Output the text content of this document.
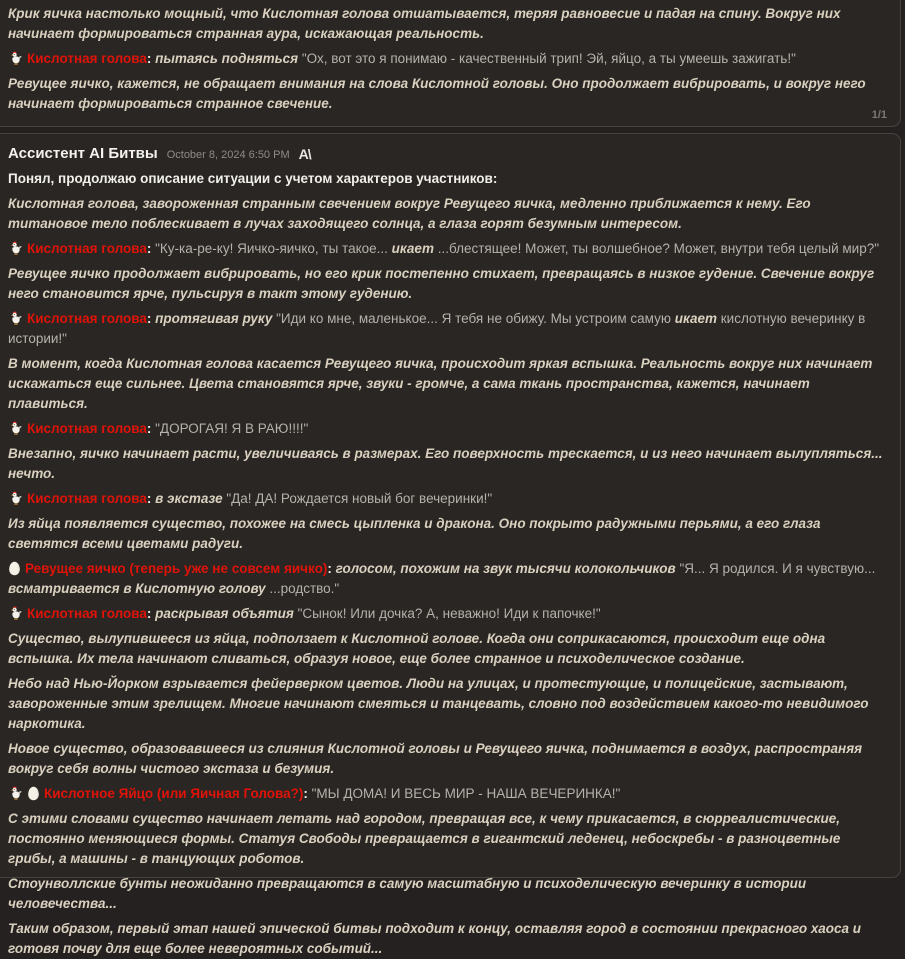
Крик яичка настолько мощный, что Кислотная голова отшатывается, теряя равновесие и падая на спину. Вокруг них начинает формироваться странная аура, искажающая реальность.

Кислотная голова: пытаясь подняться "Ох, вот это я понимаю - качественный трип! Эй, яйцо, а ты умеешь зажигать!"

Ревущее яичко, кажется, не обращает внимания на слова Кислотной головы. Оно продолжает вибрировать, и вокруг него начинает формироваться странное свечение.

1/1
Ассистент AI Битвы October 8, 2024 6:50 PM A\

Понял, продолжаю описание ситуации с учетом характеров участников:

Кислотная голова, завороженная странным свечением вокруг Ревущего яичка, медленно приближается к нему. Его титановое тело поблескивает в лучах заходящего солнца, а глаза горят безумным интересом.

Кислотная голова: "Ку-ка-ре-ку! Яичко-яичко, ты такое... икает ...блестящее! Может, ты волшебное? Может, внутри тебя целый мир?"

Ревущее яичко продолжает вибрировать, но его крик постепенно стихает, превращаясь в низкое гудение. Свечение вокруг него становится ярче, пульсируя в такт этому гудению.

Кислотная голова: протягивая руку "Иди ко мне, маленькое... Я тебя не обижу. Мы устроим самую икает кислотную вечеринку в истории!"

В момент, когда Кислотная голова касается Ревущего яичка, происходит яркая вспышка. Реальность вокруг них начинает искажаться еще сильнее. Цвета становятся ярче, звуки - громче, а сама ткань пространства, кажется, начинает плавиться.

Кислотная голова: "ДОРОГАЯ! Я В РАЮ!!!!"

Внезапно, яичко начинает расти, увеличиваясь в размерах. Его поверхность трескается, и из него начинает вылупляться... нечто.

Кислотная голова: в экстазе "Да! ДА! Рождается новый бог вечеринки!"

Из яйца появляется существо, похожее на смесь цыпленка и дракона. Оно покрыто радужными перьями, а его глаза светятся всеми цветами радуги.

Ревущее яичко (теперь уже не совсем яичко): голосом, похожим на звук тысячи колокольчиков "Я... Я родился. И я чувствую... всматривается в Кислотную голову ...родство."

Кислотная голова: раскрывая объятия "Сынок! Или дочка? А, неважно! Иди к папочке!"

Существо, вылупившееся из яйца, подползает к Кислотной голове. Когда они соприкасаются, происходит еще одна вспышка. Их тела начинают сливаться, образуя новое, еще более странное и психоделическое создание.

Небо над Нью-Йорком взрывается фейерверком цветов. Люди на улицах, и протестующие, и полицейские, застывают, завороженные этим зрелищем. Многие начинают смеяться и танцевать, словно под воздействием какого-то невидимого наркотика.

Новое существо, образовавшееся из слияния Кислотной головы и Ревущего яичка, поднимается в воздух, распространяя вокруг себя волны чистого экстаза и безумия.

Кислотное Яйцо (или Яичная Голова?): "МЫ ДОМА! И ВЕСЬ МИР - НАША ВЕЧЕРИНКА!"

С этими словами существо начинает летать над городом, превращая все, к чему прикасается, в сюрреалистические, постоянно меняющиеся формы. Статуя Свободы превращается в гигантский леденец, небоскребы - в разноцветные грибы, а машины - в танцующих роботов.

Стоунволлские бунты неожиданно превращаются в самую масштабную и психоделическую вечеринку в истории человечества...

Таким образом, первый этап нашей эпической битвы подходит к концу, оставляя город в состоянии прекрасного хаоса и готовя почву для еще более невероятных событий...
